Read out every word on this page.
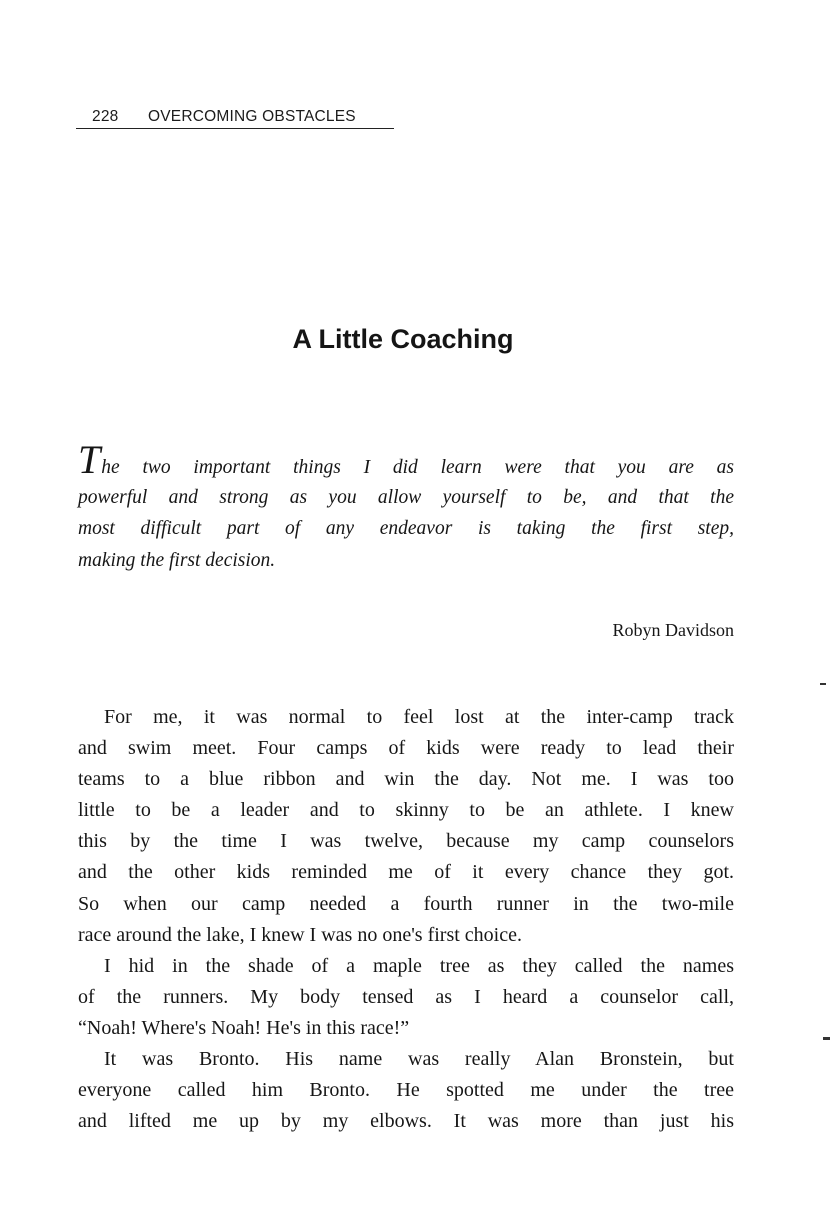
228 OVERCOMING OBSTACLES
A Little Coaching
The two important things I did learn were that you are as
powerful and strong as you allow yourself to be, and that the
most difficult part of any endeavor is taking the first step,
making the first decision.
Robyn Davidson
For me, it was normal to feel lost at the inter-camp track
and swim meet. Four camps of kids were ready to lead their
teams to a blue ribbon and win the day. Not me. I was too
little to be a leader and to skinny to be an athlete. I knew
this by the time I was twelve, because my camp counselors
and the other kids reminded me of it every chance they got.
So when our camp needed a fourth runner in the two-mile
race around the lake, I knew I was no one's first choice.
I hid in the shade of a maple tree as they called the names
of the runners. My body tensed as I heard a counselor call,
“Noah! Where's Noah! He's in this race!”
It was Bronto. His name was really Alan Bronstein, but
everyone called him Bronto. He spotted me under the tree
and lifted me up by my elbows. It was more than just his
